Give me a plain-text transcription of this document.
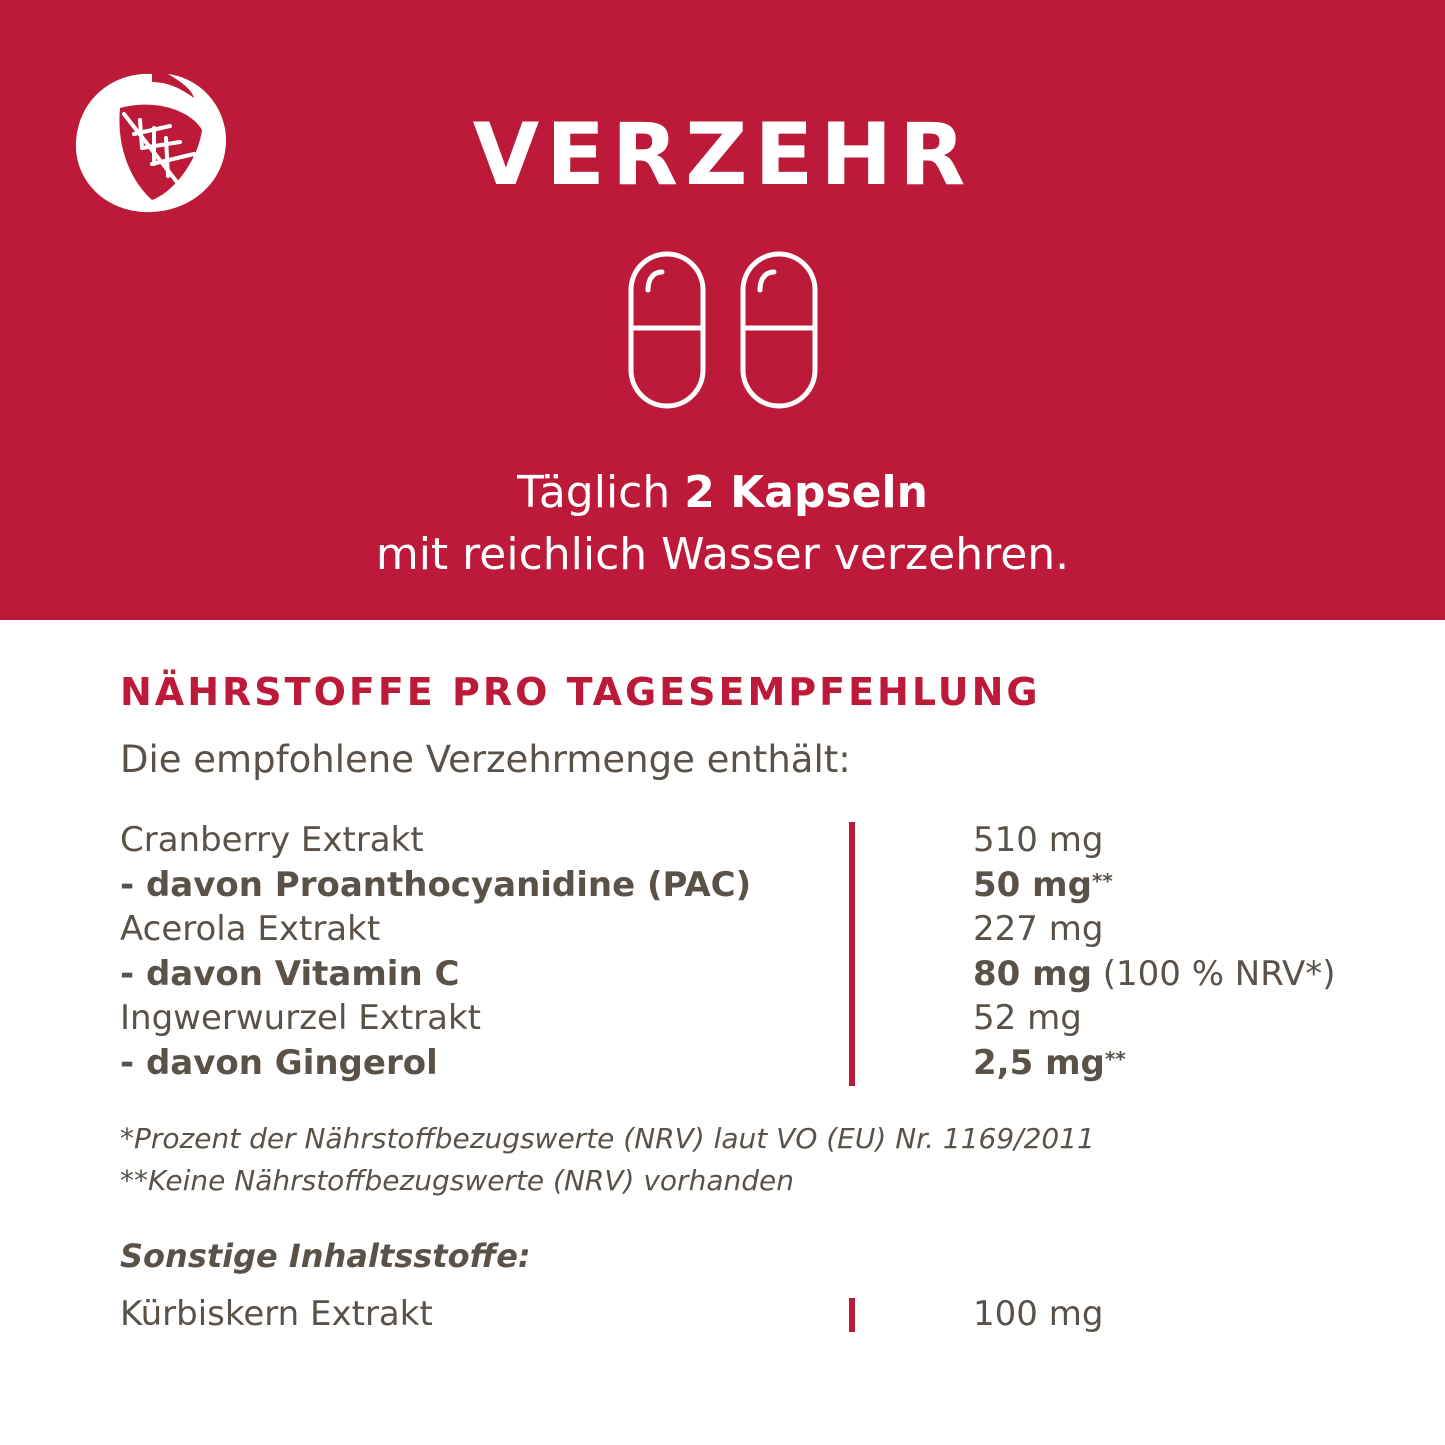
VERZEHR
Täglich 2 Kapseln
mit reichlich Wasser verzehren.
NÄHRSTOFFE PRO TAGESEMPFEHLUNG
Die empfohlene Verzehrmenge enthält:
Cranberry Extrakt	510 mg
- davon Proanthocyanidine (PAC)	50 mg**
Acerola Extrakt	227 mg
- davon Vitamin C	80 mg (100 % NRV*)
Ingwerwurzel Extrakt	52 mg
- davon Gingerol	2,5 mg**
*Prozent der Nährstoffbezugswerte (NRV) laut VO (EU) Nr. 1169/2011
**Keine Nährstoffbezugswerte (NRV) vorhanden
Sonstige Inhaltsstoffe:
Kürbiskern Extrakt	100 mg
